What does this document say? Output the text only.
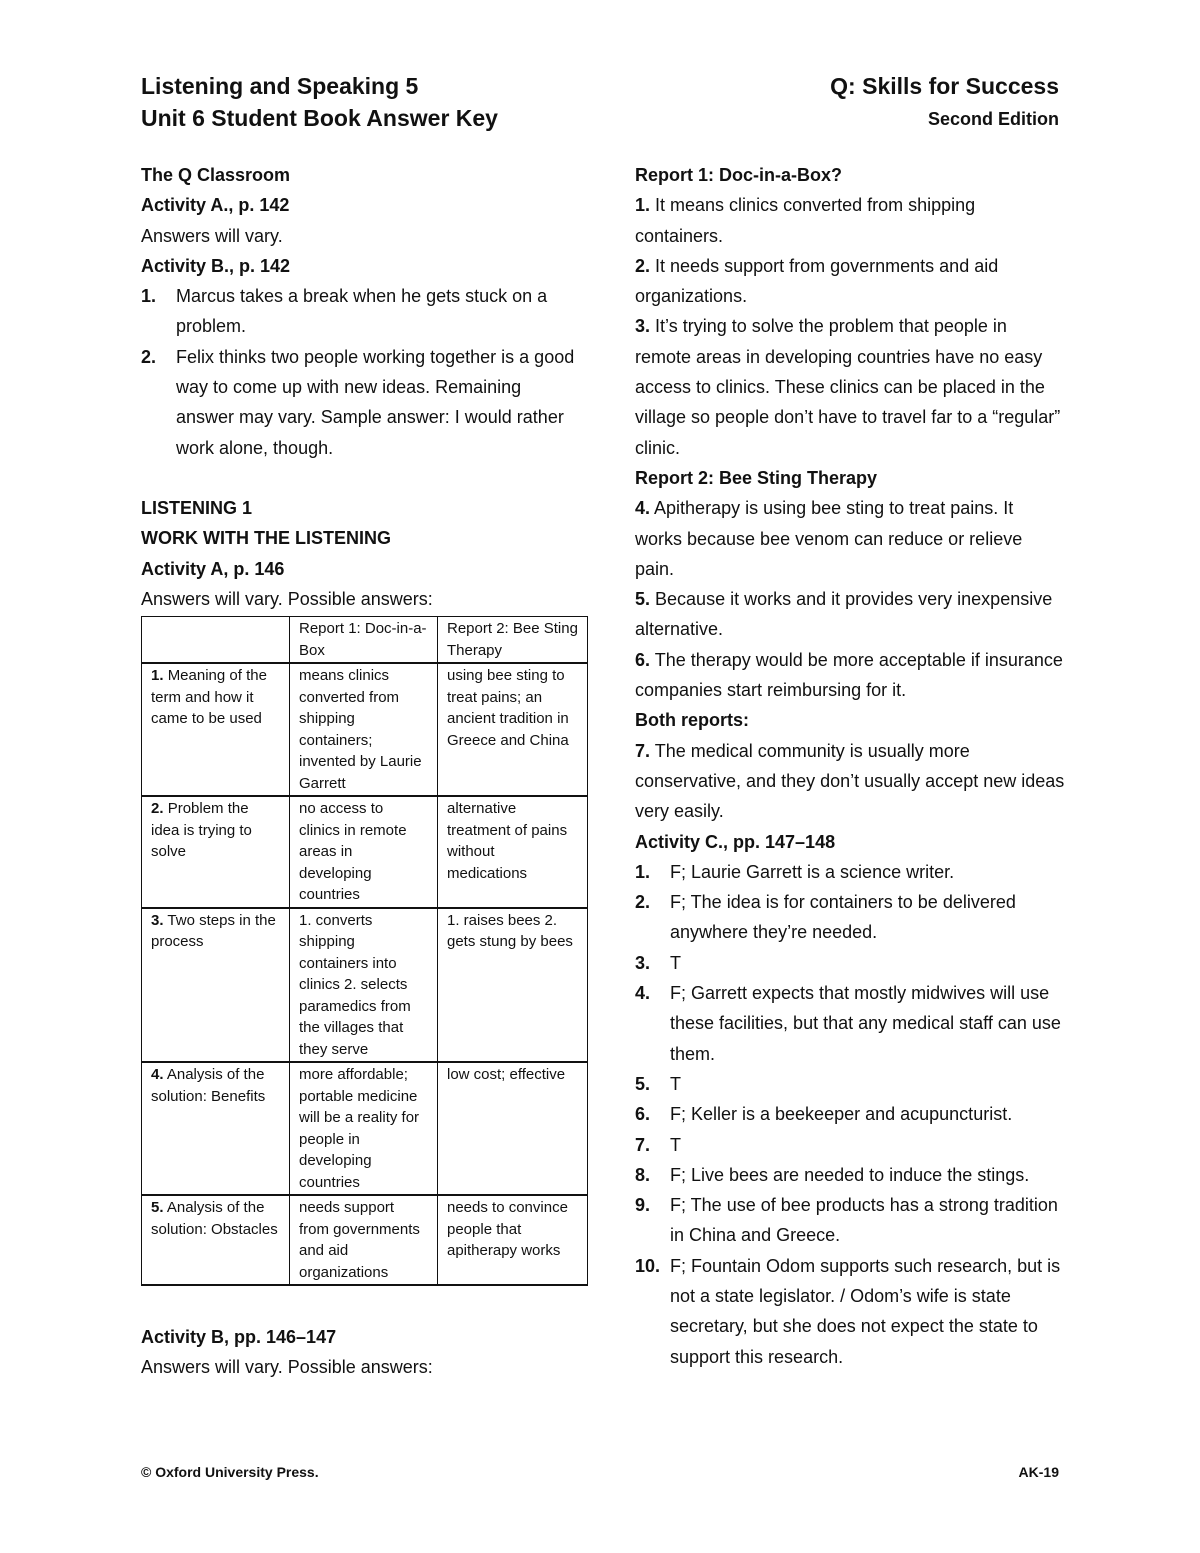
Listening and Speaking 5
Unit 6 Student Book Answer Key
Q: Skills for Success
Second Edition

The Q Classroom

Activity A., p. 142

Answers will vary.

Activity B., p. 142

1.	Marcus takes a break when he gets stuck on a problem.
2.	Felix thinks two people working together is a good way to come up with new ideas. Remaining answer may vary. Sample answer: I would rather work alone, though.

LISTENING 1

WORK WITH THE LISTENING

Activity A, p. 146

Answers will vary. Possible answers:

	Report 1: Doc-in-a-Box	Report 2: Bee Sting Therapy
1. Meaning of the term and how it came to be used	means clinics converted from shipping containers; invented by Laurie Garrett	using bee sting to treat pains; an ancient tradition in Greece and China
2. Problem the idea is trying to solve	no access to clinics in remote areas in developing countries	alternative treatment of pains without medications
3. Two steps in the process	1. converts shipping containers into clinics 2. selects paramedics from the villages that they serve	1. raises bees 2. gets stung by bees
4. Analysis of the solution: Benefits	more affordable; portable medicine will be a reality for people in developing countries	low cost; effective
5. Analysis of the solution: Obstacles	needs support from governments and aid organizations	needs to convince people that apitherapy works

Activity B, pp. 146–147

Answers will vary. Possible answers:

Report 1: Doc-in-a-Box?

1. It means clinics converted from shipping containers.

2. It needs support from governments and aid organizations.

3. It’s trying to solve the problem that people in remote areas in developing countries have no easy access to clinics. These clinics can be placed in the village so people don’t have to travel far to a “regular” clinic.

Report 2: Bee Sting Therapy

4. Apitherapy is using bee sting to treat pains. It works because bee venom can reduce or relieve pain.

5. Because it works and it provides very inexpensive alternative.

6. The therapy would be more acceptable if insurance companies start reimbursing for it.

Both reports:

7. The medical community is usually more conservative, and they don’t usually accept new ideas very easily.

Activity C., pp. 147–148

1.	F; Laurie Garrett is a science writer.
2.	F; The idea is for containers to be delivered anywhere they’re needed.
3.	T
4.	F; Garrett expects that mostly midwives will use these facilities, but that any medical staff can use them.
5.	T
6.	F; Keller is a beekeeper and acupuncturist.
7.	T
8.	F; Live bees are needed to induce the stings.
9.	F; The use of bee products has a strong tradition in China and Greece.
10. F; Fountain Odom supports such research, but is not a state legislator. / Odom’s wife is state secretary, but she does not expect the state to support this research.
© Oxford University Press.	AK-19
